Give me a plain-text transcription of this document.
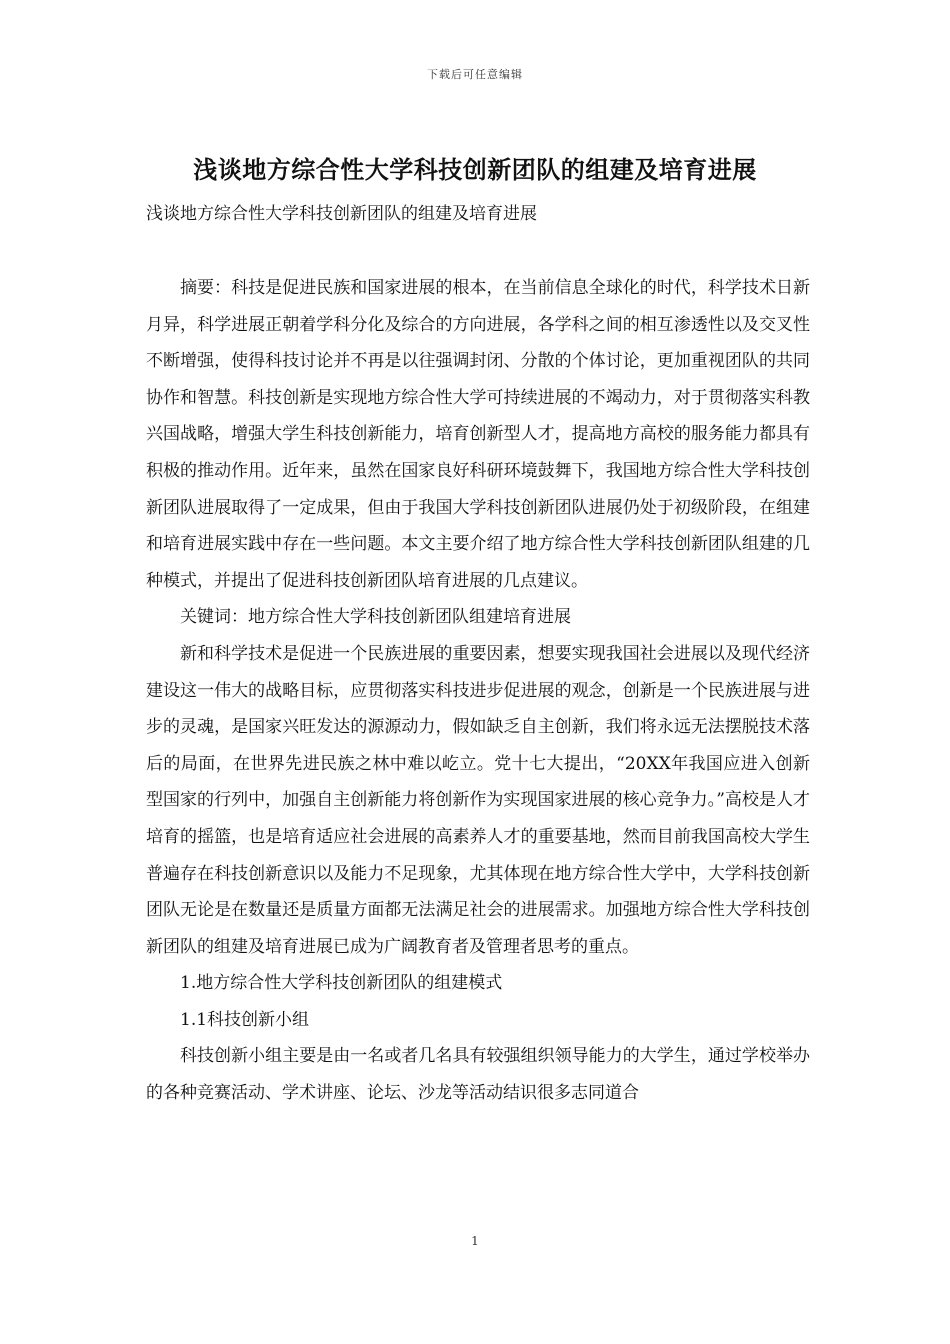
下载后可任意编辑
浅谈地方综合性大学科技创新团队的组建及培育进展

浅谈地方综合性大学科技创新团队的组建及培育进展

摘要：科技是促进民族和国家进展的根本，在当前信息全球化的时代，科学技术日新月异，科学进展正朝着学科分化及综合的方向进展，各学科之间的相互渗透性以及交叉性不断增强，使得科技讨论并不再是以往强调封闭、分散的个体讨论，更加重视团队的共同协作和智慧。科技创新是实现地方综合性大学可持续进展的不竭动力，对于贯彻落实科教兴国战略，增强大学生科技创新能力，培育创新型人才，提高地方高校的服务能力都具有积极的推动作用。近年来，虽然在国家良好科研环境鼓舞下，我国地方综合性大学科技创新团队进展取得了一定成果，但由于我国大学科技创新团队进展仍处于初级阶段，在组建和培育进展实践中存在一些问题。本文主要介绍了地方综合性大学科技创新团队组建的几种模式，并提出了促进科技创新团队培育进展的几点建议。

关键词：地方综合性大学科技创新团队组建培育进展

新和科学技术是促进一个民族进展的重要因素，想要实现我国社会进展以及现代经济建设这一伟大的战略目标，应贯彻落实科技进步促进展的观念，创新是一个民族进展与进步的灵魂，是国家兴旺发达的源源动力，假如缺乏自主创新，我们将永远无法摆脱技术落后的局面，在世界先进民族之林中难以屹立。党十七大提出，“20XX年我国应进入创新型国家的行列中，加强自主创新能力将创新作为实现国家进展的核心竞争力。”高校是人才培育的摇篮，也是培育适应社会进展的高素养人才的重要基地，然而目前我国高校大学生普遍存在科技创新意识以及能力不足现象，尤其体现在地方综合性大学中，大学科技创新团队无论是在数量还是质量方面都无法满足社会的进展需求。加强地方综合性大学科技创新团队的组建及培育进展已成为广阔教育者及管理者思考的重点。

1.地方综合性大学科技创新团队的组建模式

1.1科技创新小组

科技创新小组主要是由一名或者几名具有较强组织领导能力的大学生，通过学校举办的各种竞赛活动、学术讲座、论坛、沙龙等活动结识很多志同道合

1
